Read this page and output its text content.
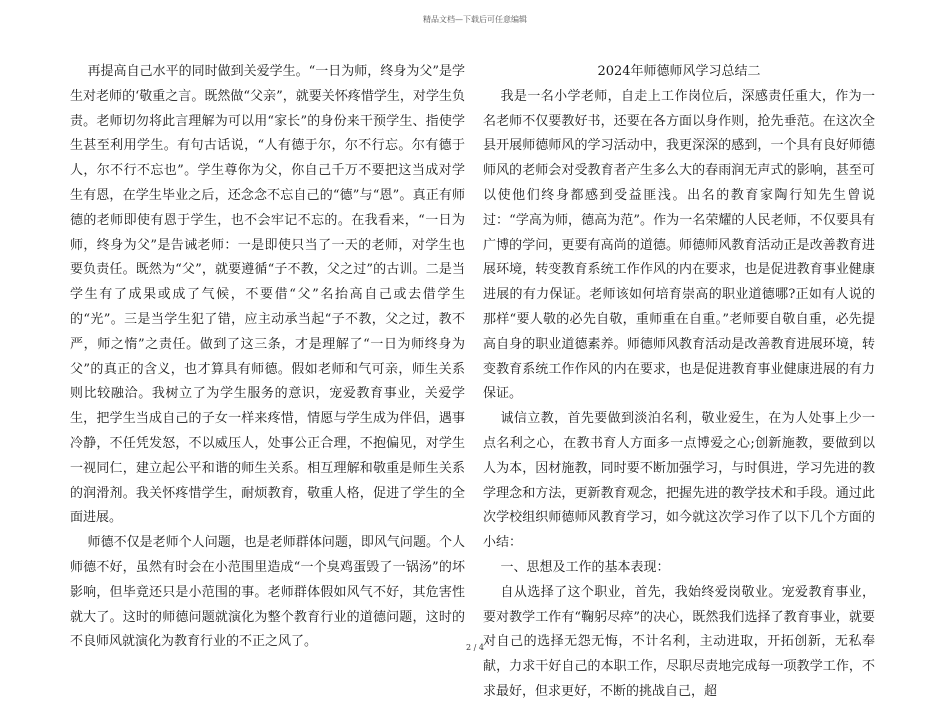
精品文档—下载后可任意编辑

再提高自己水平的同时做到关爱学生。“一日为师，终身为父”是学生对老师的‘敬重之言。既然做“父亲”，就要关怀疼惜学生，对学生负责。老师切勿将此言理解为可以用“家长”的身份来干预学生、指使学生甚至利用学生。有句古话说，“人有德于尔，尔不行忘。尔有德于人，尔不行不忘也”。学生尊你为父，你自己千万不要把这当成对学生有恩，在学生毕业之后，还念念不忘自己的“德”与“恩”。真正有师德的老师即使有恩于学生，也不会牢记不忘的。在我看来，“一日为师，终身为父”是告诫老师：一是即使只当了一天的老师，对学生也要负责任。既然为“父”，就要遵循“子不教，父之过”的古训。二是当学生有了成果或成了气候，不要借“父”名抬高自己或去借学生的“光”。三是当学生犯了错，应主动承当起“子不教，父之过，教不严，师之惰”之责任。做到了这三条，才是理解了“一日为师终身为父”的真正的含义，也才算具有师德。假如老师和气可亲，师生关系则比较融洽。我树立了为学生服务的意识，宠爱教育事业，关爱学生，把学生当成自己的子女一样来疼惜，情愿与学生成为伴侣，遇事冷静，不任凭发怒，不以威压人，处事公正合理，不抱偏见，对学生一视同仁，建立起公平和谐的师生关系。相互理解和敬重是师生关系的润滑剂。我关怀疼惜学生，耐烦教育，敬重人格，促进了学生的全面进展。

师德不仅是老师个人问题，也是老师群体问题，即风气问题。个人师德不好，虽然有时会在小范围里造成“一个臭鸡蛋毁了一锅汤”的坏影响，但毕竟还只是小范围的事。老师群体假如风气不好，其危害性就大了。这时的师德问题就演化为整个教育行业的道德问题，这时的不良师风就演化为教育行业的不正之风了。

2024年师德师风学习总结二

我是一名小学老师，自走上工作岗位后，深感责任重大，作为一名老师不仅要教好书，还要在各方面以身作则，抢先垂范。在这次全县开展师德师风的学习活动中，我更深深的感到，一个具有良好师德师风的老师会对受教育者产生多么大的春雨润无声式的影响，甚至可以使他们终身都感到受益匪浅。出名的教育家陶行知先生曾说过：“学高为师，德高为范”。作为一名荣耀的人民老师，不仅要具有广博的学问，更要有高尚的道德。师德师风教育活动正是改善教育进展环境，转变教育系统工作作风的内在要求，也是促进教育事业健康进展的有力保证。老师该如何培育崇高的职业道德哪?正如有人说的那样“要人敬的必先自敬，重师重在自重。”老师要自敬自重，必先提高自身的职业道德素养。师德师风教育活动是改善教育进展环境，转变教育系统工作作风的内在要求，也是促进教育事业健康进展的有力保证。

诚信立教，首先要做到淡泊名利，敬业爱生，在为人处事上少一点名利之心，在教书育人方面多一点博爱之心;创新施教，要做到以人为本，因材施教，同时要不断加强学习，与时俱进，学习先进的教学理念和方法，更新教育观念，把握先进的教学技术和手段。通过此次学校组织师德师风教育学习，如今就这次学习作了以下几个方面的小结：

一、思想及工作的基本表现：

自从选择了这个职业，首先，我始终爱岗敬业。宠爱教育事业，要对教学工作有“鞠躬尽瘁”的决心，既然我们选择了教育事业，就要对自己的选择无怨无悔，不计名利，主动进取，开拓创新，无私奉献，力求干好自己的本职工作，尽职尽责地完成每一项教学工作，不求最好，但求更好，不断的挑战自己，超

2 / 4
